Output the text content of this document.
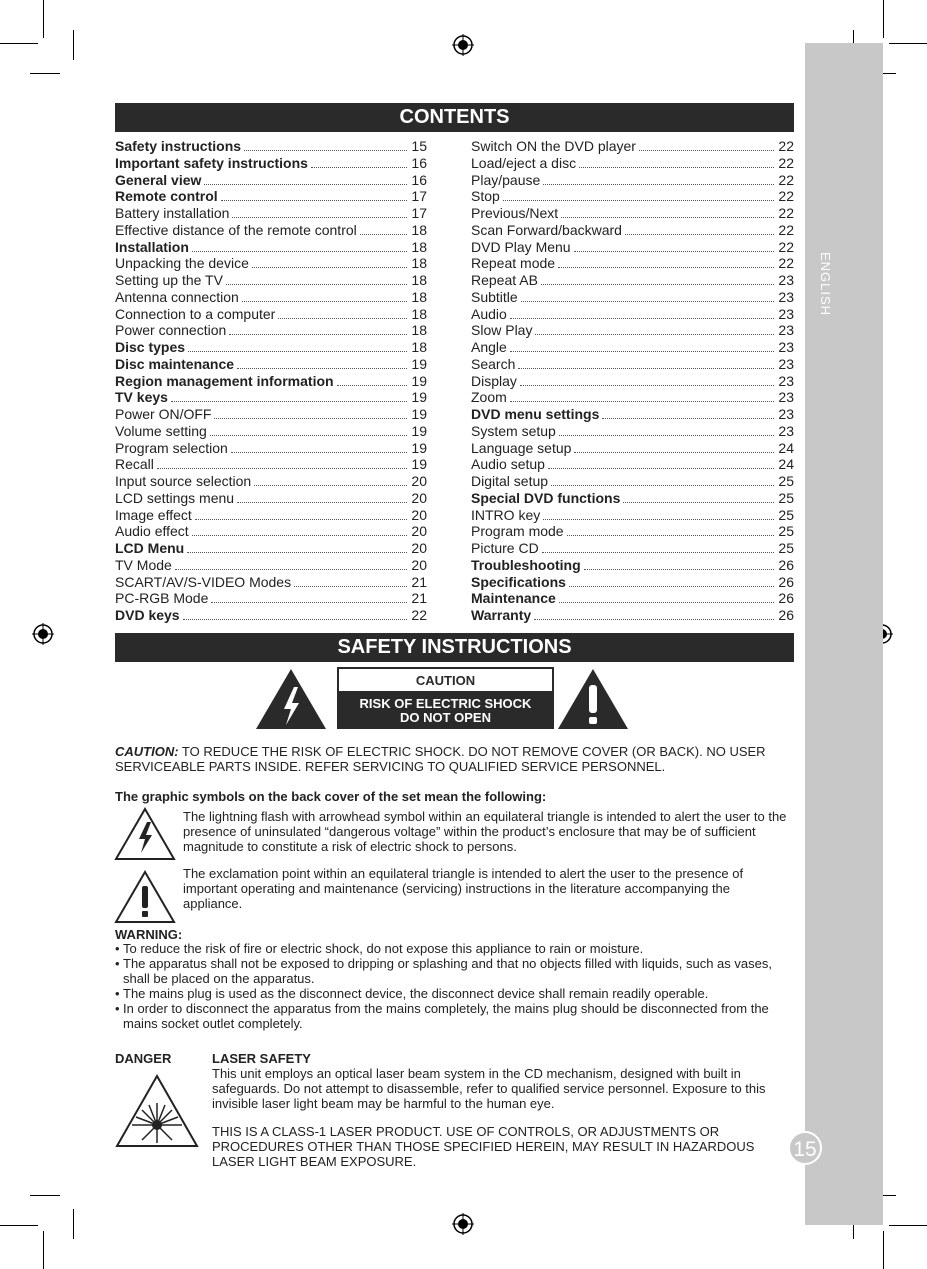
ENGLISH
15
CONTENTS
Safety instructions	15
Important safety instructions	16
General view	16
Remote control	17
Battery installation	17
Effective distance of the remote control	18
Installation	18
Unpacking the device	18
Setting up the TV	18
Antenna connection	18
Connection to a computer	18
Power connection	18
Disc types	18
Disc maintenance	19
Region management information	19
TV keys	19
Power ON/OFF	19
Volume setting	19
Program selection	19
Recall	19
Input source selection	20
LCD settings menu	20
Image effect	20
Audio effect	20
LCD Menu	20
TV Mode	20
SCART/AV/S-VIDEO Modes	21
PC-RGB Mode	21
DVD keys	22
Switch ON the DVD player	22
Load/eject a disc	22
Play/pause	22
Stop	22
Previous/Next	22
Scan Forward/backward	22
DVD Play Menu	22
Repeat mode	22
Repeat AB	23
Subtitle	23
Audio	23
Slow Play	23
Angle	23
Search	23
Display	23
Zoom	23
DVD menu settings	23
System setup	23
Language setup	24
Audio setup	24
Digital setup	25
Special DVD functions	25
INTRO key	25
Program mode	25
Picture CD	25
Troubleshooting	26
Specifications	26
Maintenance	26
Warranty	26
SAFETY INSTRUCTIONS
CAUTION
RISK OF ELECTRIC SHOCK
DO NOT OPEN
CAUTION: TO REDUCE THE RISK OF ELECTRIC SHOCK. DO NOT REMOVE COVER (OR BACK). NO USER SERVICEABLE PARTS INSIDE. REFER SERVICING TO QUALIFIED SERVICE PERSONNEL.
The graphic symbols on the back cover of the set mean the following:
The lightning flash with arrowhead symbol within an equilateral triangle is intended to alert the user to the presence of uninsulated “dangerous voltage” within the product’s enclosure that may be of sufficient magnitude to constitute a risk of electric shock to persons.
The exclamation point within an equilateral triangle is intended to alert the user to the presence of important operating and maintenance (servicing) instructions in the literature accompanying the appliance.
WARNING:
• To reduce the risk of fire or electric shock, do not expose this appliance to rain or moisture.
• The apparatus shall not be exposed to dripping or splashing and that no objects filled with liquids, such as vases, shall be placed on the apparatus.
• The mains plug is used as the disconnect device, the disconnect device shall remain readily operable.
• In order to disconnect the apparatus from the mains completely, the mains plug should be disconnected from the mains socket outlet completely.
DANGER	LASER SAFETY
This unit employs an optical laser beam system in the CD mechanism, designed with built in safeguards. Do not attempt to disassemble, refer to qualified service personnel. Exposure to this invisible laser light beam may be harmful to the human eye.
THIS IS A CLASS-1 LASER PRODUCT. USE OF CONTROLS, OR ADJUSTMENTS OR PROCEDURES OTHER THAN THOSE SPECIFIED HEREIN, MAY RESULT IN HAZARDOUS LASER LIGHT BEAM EXPOSURE.
